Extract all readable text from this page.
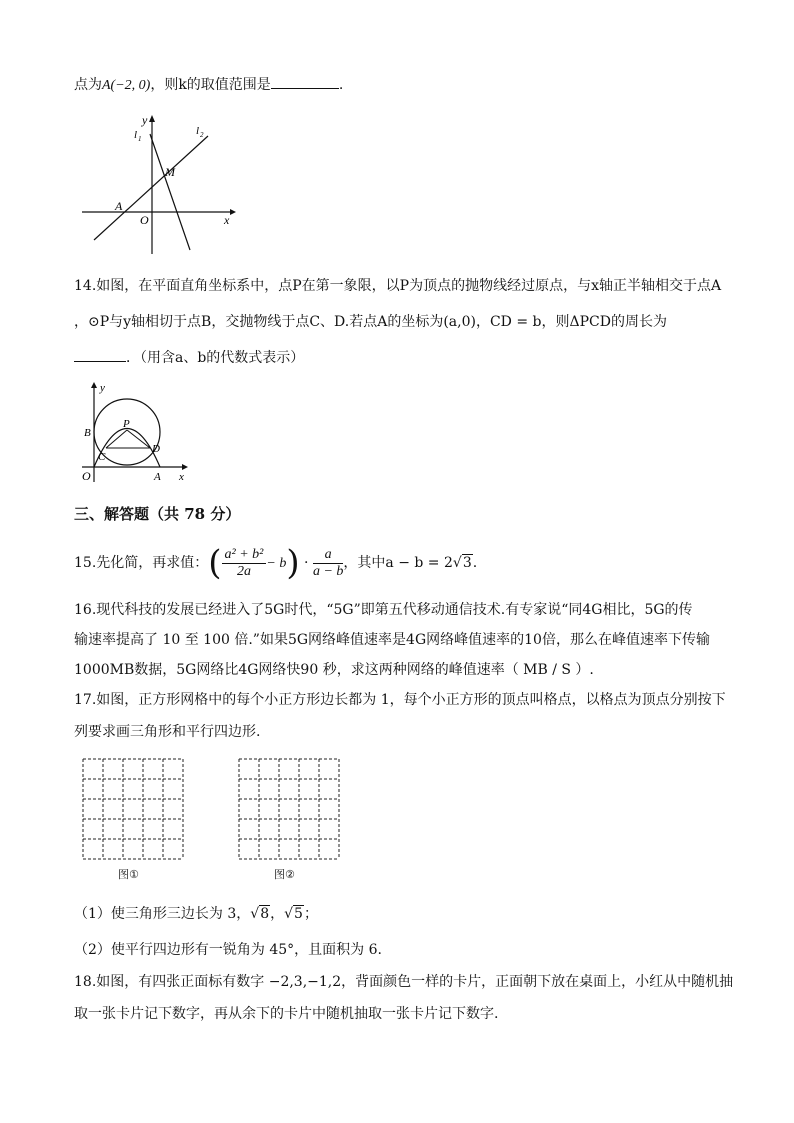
点为A(−2, 0)，则k的取值范围是	.
y
x
O
A
M
l 1
l 2
14.如图，在平面直角坐标系中，点P在第一象限，以P为顶点的抛物线经过原点，与x轴正半轴相交于点A
，⊙P与y轴相切于点B，交抛物线于点C、D.若点A的坐标为(a,0)，CD = b，则ΔPCD的周长为
．（用含a、b的代数式表示）
y
x
O	A
B
C
D
P
三、解答题（共 78 分）
15.先化简，再求值：( $\frac{\text{a² + b²}}{2a} - b) \cdot \frac{a}{a - b}$ ，其中a − b = 2√3.
16.现代科技的发展已经进入了5G时代，“5G”即第五代移动通信技术.有专家说“同4G相比，5G的传
输速率提高了 10 至 100 倍.”如果5G网络峰值速率是4G网络峰值速率的10倍，那么在峰值速率下传输
1000MB数据，5G网络比4G网络快90 秒，求这两种网络的峰值速率（ MB / S ）.
17.如图，正方形网格中的每个小正方形边长都为 1，每个小正方形的顶点叫格点，以格点为顶点分别按下
列要求画三角形和平行四边形.
图①	图②
（1）使三角形三边长为 3，√8，√5；
（2）使平行四边形有一锐角为 45°，且面积为 6.
18.如图，有四张正面标有数字 −2,3,−1,2，背面颜色一样的卡片，正面朝下放在桌面上，小红从中随机抽
取一张卡片记下数字，再从余下的卡片中随机抽取一张卡片记下数字.
